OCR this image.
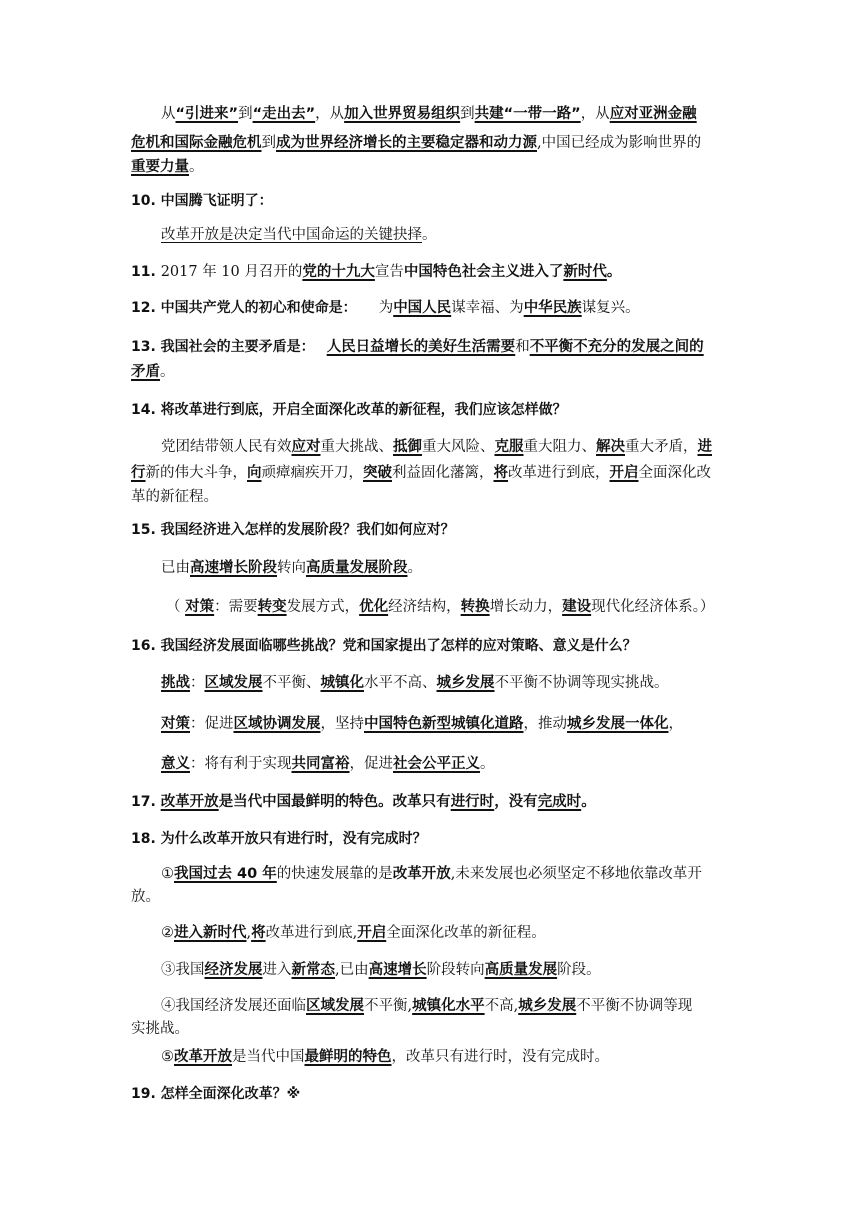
从“引进来”到“走出去”，从加入世界贸易组织到共建“一带一路”，从应对亚洲金融
危机和国际金融危机到成为世界经济增长的主要稳定器和动力源,中国已经成为影响世界的
重要力量。
10. 中国腾飞证明了：
改革开放是决定当代中国命运的关键抉择。
11. 2017 年 10 月召开的党的十九大宣告中国特色社会主义进入了新时代。
12. 中国共产党人的初心和使命是： 为中国人民谋幸福、为中华民族谋复兴。
13. 我国社会的主要矛盾是： 人民日益增长的美好生活需要和不平衡不充分的发展之间的
矛盾。
14. 将改革进行到底，开启全面深化改革的新征程，我们应该怎样做？
党团结带领人民有效应对重大挑战、抵御重大风险、克服重大阻力、解决重大矛盾，进
行新的伟大斗争，向顽瘴痼疾开刀，突破利益固化藩篱，将改革进行到底，开启全面深化改
革的新征程。
15. 我国经济进入怎样的发展阶段？我们如何应对？
已由高速增长阶段转向高质量发展阶段。
（ 对策：需要转变发展方式，优化经济结构，转换增长动力，建设现代化经济体系。）
16. 我国经济发展面临哪些挑战？党和国家提出了怎样的应对策略、意义是什么？
挑战：区域发展不平衡、城镇化水平不高、城乡发展不平衡不协调等现实挑战。
对策：促进区域协调发展，坚持中国特色新型城镇化道路，推动城乡发展一体化，
意义：将有利于实现共同富裕，促进社会公平正义。
17. 改革开放是当代中国最鲜明的特色。改革只有进行时，没有完成时。
18. 为什么改革开放只有进行时，没有完成时？
①我国过去 40 年的快速发展靠的是改革开放,未来发展也必须坚定不移地依靠改革开
放。
②进入新时代,将改革进行到底,开启全面深化改革的新征程。
③我国经济发展进入新常态,已由高速增长阶段转向高质量发展阶段。
④我国经济发展还面临区域发展不平衡,城镇化水平不高,城乡发展不平衡不协调等现
实挑战。
⑤改革开放是当代中国最鲜明的特色，改革只有进行时，没有完成时。
19. 怎样全面深化改革？※
